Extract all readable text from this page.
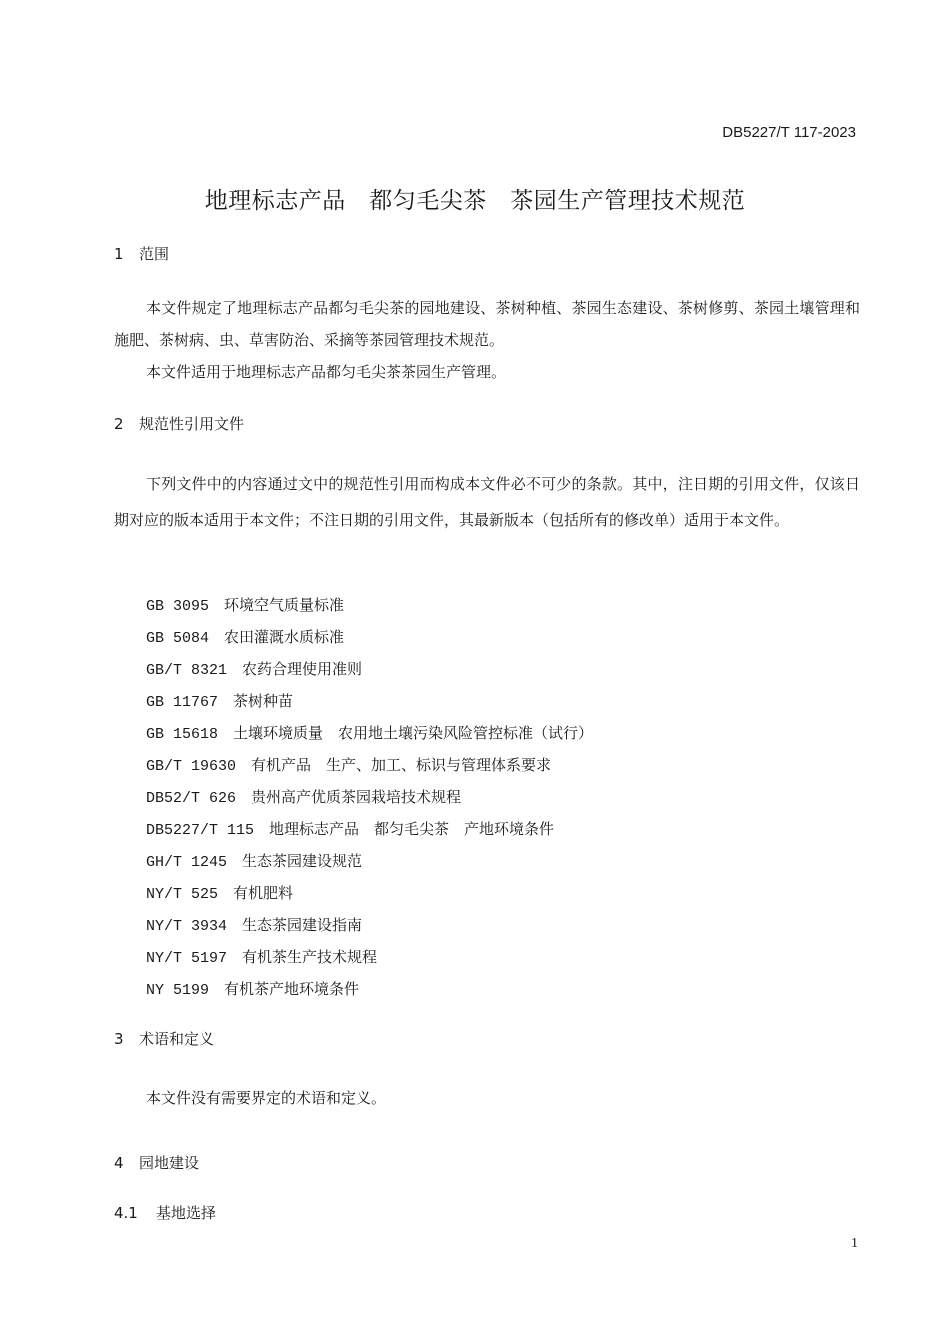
DB5227/T 117-2023
地理标志产品　都匀毛尖茶　茶园生产管理技术规范
1 范围
本文件规定了地理标志产品都匀毛尖茶的园地建设、茶树种植、茶园生态建设、茶树修剪、茶园土壤管理和施肥、茶树病、虫、草害防治、采摘等茶园管理技术规范。
本文件适用于地理标志产品都匀毛尖茶茶园生产管理。
2 规范性引用文件
下列文件中的内容通过文中的规范性引用而构成本文件必不可少的条款。其中，注日期的引用文件，仅该日期对应的版本适用于本文件；不注日期的引用文件，其最新版本（包括所有的修改单）适用于本文件。
GB 3095　 环境空气质量标准
GB 5084　 农田灌溉水质标准
GB/T 8321　 农药合理使用准则
GB 11767　 茶树种苗
GB 15618　 土壤环境质量　农用地土壤污染风险管控标准（试行）
GB/T 19630　 有机产品　生产、加工、标识与管理体系要求
DB52/T 626　 贵州高产优质茶园栽培技术规程
DB5227/T 115　 地理标志产品　都匀毛尖茶　产地环境条件
GH/T 1245　 生态茶园建设规范
NY/T 525　 有机肥料
NY/T 3934　 生态茶园建设指南
NY/T 5197　 有机茶生产技术规程
NY 5199　 有机茶产地环境条件
3 术语和定义
本文件没有需要界定的术语和定义。
4 园地建设
4.1 基地选择
1
